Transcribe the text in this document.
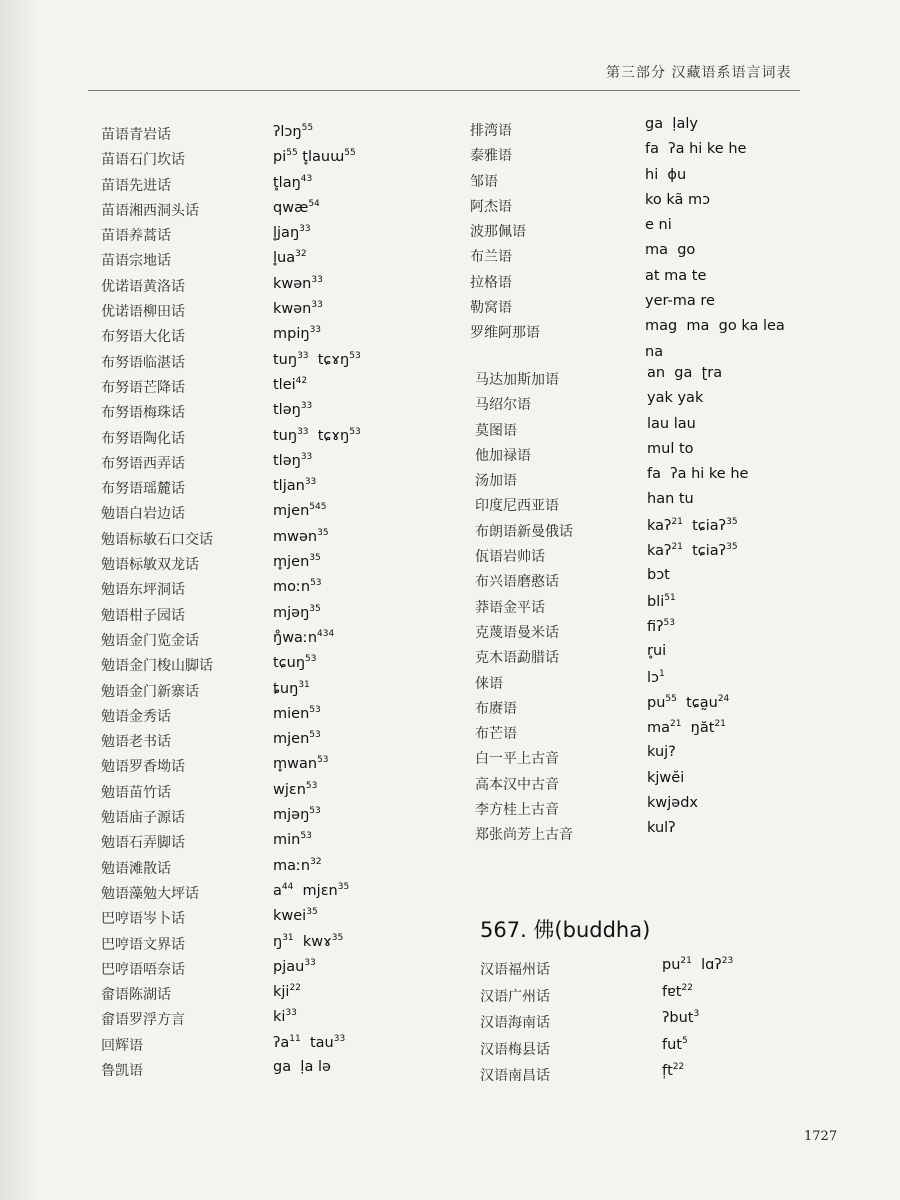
第三部分 汉藏语系语言词表
苗语青岩话	ʔlɔŋ$^{55}$
苗语石门坎话	$pi^{55}$ t̥lauɯ$^{55}$
苗语先进话	t̥laŋ$^{43}$
苗语湘西洞头话	qwæ$^{54}$
苗语养蒿话	l̥jaŋ$^{33}$
苗语宗地话	$l̥ua^{32}$
优诺语黄洛话	kwən$^{33}$
优诺语柳田话	kwən$^{33}$
布努语大化话	mpiŋ$^{33}$
布努语临湛话	tuŋ$^{33}$  tɕɤŋ$^{53}$
布努语芒降话	tlei$^{42}$
布努语梅珠话	tləŋ$^{33}$
布努语陶化话	tuŋ$^{33}$  tɕɤŋ$^{53}$
布努语西弄话	tləŋ$^{33}$
布努语瑶麓话	tljan$^{33}$
勉语白岩边话	mjen$^{545}$
勉语标敏石口交话	mwən$^{35}$
勉语标敏双龙话	m̥jen$^{35}$
勉语东坪洞话	moːn$^{53}$
勉语柑子园话	mjəŋ$^{35}$
勉语金门览金话	ŋ̊waːn$^{434}$
勉语金门梭山脚话	tɕuŋ$^{53}$
勉语金门新寨话	ȶuŋ$^{31}$
勉语金秀话	mien$^{53}$
勉语老书话	mjen$^{53}$
勉语罗香坳话	m̥wan$^{53}$
勉语苗竹话	wjɛn$^{53}$
勉语庙子源话	mjəŋ$^{53}$
勉语石弄脚话	$\min^{53}$
勉语滩散话	maːn$^{32}$
勉语藻勉大坪话	$a^{44}$  mjɛn$^{35}$
巴哼语岑卜话	kwei$^{35}$
巴哼语文界话	$ŋ^{31}$  kwɤ$^{35}$
巴哼语唔奈话	pjau$^{33}$
畲语陈湖话	kji$^{22}$
畲语罗浮方言	$ki^{33}$
回辉语	ʔa$^{11}$  tau$^{33}$
鲁凯语	ga  ḷa lə
排湾语	ga  ḷaly
泰雅语	fa  ʔa hi ke he
邹语	hi  ɸu
阿杰语	ko kã mɔ
波那佩语	e ni
布兰语	ma  go
拉格语	at ma te
勒窝语	yer-ma re
罗维阿那语	mag  ma  go ka lea
na
马达加斯加语	an  ga  ʈra
马绍尔语	yak yak
莫图语	lau lau
他加禄语	mul to
汤加语	fa  ʔa hi ke he
印度尼西亚语	han tu
布朗语新曼俄话	kaʔ$^{21}$  tɕiaʔ$^{35}$
佤语岩帅话	kaʔ$^{21}$  tɕiaʔ$^{35}$
布兴语磨憨话	bɔt
莽语金平话	bli$^{51}$
克蔑语曼米话	fiʔ$^{53}$
克木语勐腊话	r̥ui
俫语	lɔ$^1$
布赓语	$pu^{55}$  $tɕa̰u^{24}$
布芒语	$ma^{21}$  ŋăt$^{21}$
白一平上古音	kuj?
高本汉中古音	kjwĕi
李方桂上古音	kwjədx
郑张尚芳上古音	kulʔ
567. 佛(buddha)
汉语福州话	$pu^{21}$  lɑʔ$^{23}$
汉语广州话	fɐt$^{22}$
汉语海南话	ʔbut$^3$
汉语梅县话	fut$^5$
汉语南昌话	$f̩t^{22}$
1727
